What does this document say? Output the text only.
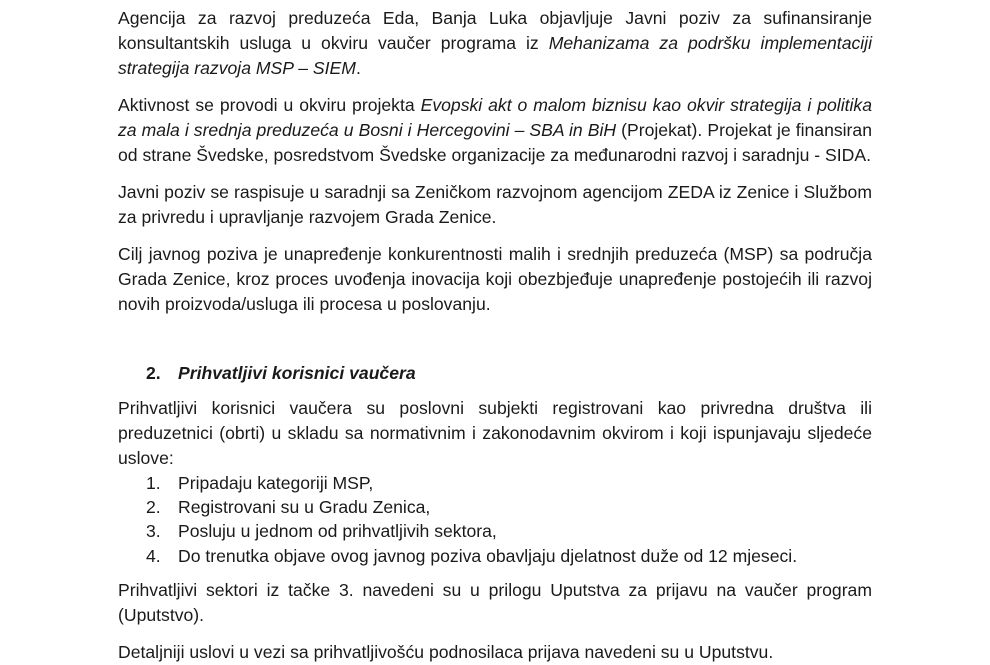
Agencija za razvoj preduzeća Eda, Banja Luka objavljuje Javni poziv za sufinansiranje konsultantskih usluga u okviru vaučer programa iz Mehanizama za podršku implementaciji strategija razvoja MSP – SIEM.

Aktivnost se provodi u okviru projekta Evopski akt o malom biznisu kao okvir strategija i politika za mala i srednja preduzeća u Bosni i Hercegovini – SBA in BiH (Projekat). Projekat je finansiran od strane Švedske, posredstvom Švedske organizacije za međunarodni razvoj i saradnju - SIDA.

Javni poziv se raspisuje u saradnji sa Zeničkom razvojnom agencijom ZEDA iz Zenice i Službom za privredu i upravljanje razvojem Grada Zenice.

Cilj javnog poziva je unapređenje konkurentnosti malih i srednjih preduzeća (MSP) sa područja Grada Zenice, kroz proces uvođenja inovacija koji obezbjeđuje unapređenje postojećih ili razvoj novih proizvoda/usluga ili procesa u poslovanju.

2. Prihvatljivi korisnici vaučera

Prihvatljivi korisnici vaučera su poslovni subjekti registrovani kao privredna društva ili preduzetnici (obrti) u skladu sa normativnim i zakonodavnim okvirom i koji ispunjavaju sljedeće uslove:

1. Pripadaju kategoriji MSP,
2. Registrovani su u Gradu Zenica,
3. Posluju u jednom od prihvatljivih sektora,
4. Do trenutka objave ovog javnog poziva obavljaju djelatnost duže od 12 mjeseci.

Prihvatljivi sektori iz tačke 3. navedeni su u prilogu Uputstva za prijavu na vaučer program (Uputstvo).

Detaljniji uslovi u vezi sa prihvatljivošću podnosilaca prijava navedeni su u Uputstvu.
